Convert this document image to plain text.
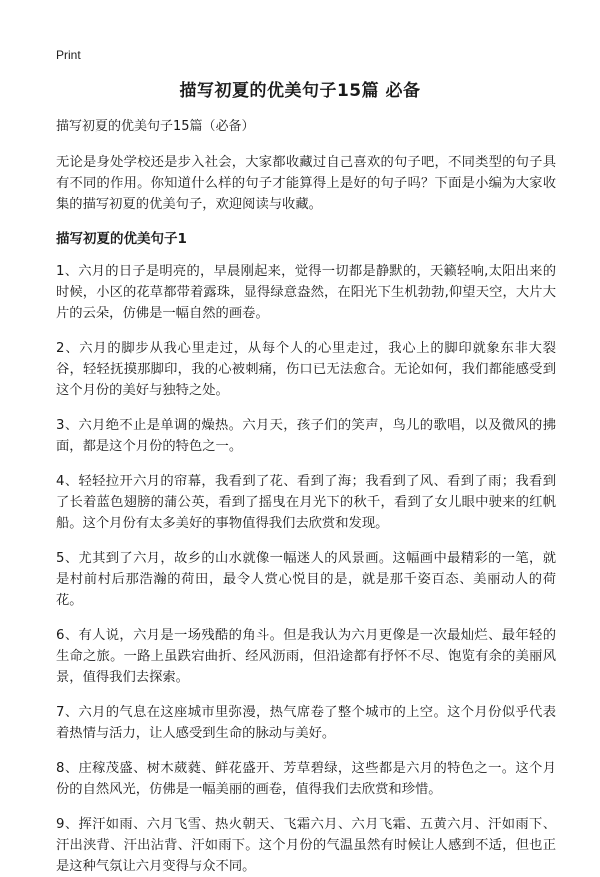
Print
描写初夏的优美句子15篇 必备
描写初夏的优美句子15篇（必备）
无论是身处学校还是步入社会，大家都收藏过自己喜欢的句子吧，不同类型的句子具有不同的作用。你知道什么样的句子才能算得上是好的句子吗？下面是小编为大家收集的描写初夏的优美句子，欢迎阅读与收藏。
描写初夏的优美句子1
1、六月的日子是明亮的，早晨刚起来，觉得一切都是静默的，天籁轻响,太阳出来的时候，小区的花草都带着露珠，显得绿意盎然，在阳光下生机勃勃,仰望天空，大片大片的云朵，仿佛是一幅自然的画卷。
2、六月的脚步从我心里走过，从每个人的心里走过，我心上的脚印就象东非大裂谷，轻轻抚摸那脚印，我的心被刺痛，伤口已无法愈合。无论如何，我们都能感受到这个月份的美好与独特之处。
3、六月绝不止是单调的燥热。六月天，孩子们的笑声，鸟儿的歌唱，以及微风的拂面，都是这个月份的特色之一。
4、轻轻拉开六月的帘幕，我看到了花、看到了海；我看到了风、看到了雨；我看到了长着蓝色翅膀的蒲公英，看到了摇曳在月光下的秋千，看到了女儿眼中驶来的红帆船。这个月份有太多美好的事物值得我们去欣赏和发现。
5、尤其到了六月，故乡的山水就像一幅迷人的风景画。这幅画中最精彩的一笔，就是村前村后那浩瀚的荷田，最令人赏心悦目的是，就是那千姿百态、美丽动人的荷花。
6、有人说，六月是一场残酷的角斗。但是我认为六月更像是一次最灿烂、最年轻的生命之旅。一路上虽跌宕曲折、经风沥雨，但沿途都有抒怀不尽、饱览有余的美丽风景，值得我们去探索。
7、六月的气息在这座城市里弥漫，热气席卷了整个城市的上空。这个月份似乎代表着热情与活力，让人感受到生命的脉动与美好。
8、庄稼茂盛、树木葳蕤、鲜花盛开、芳草碧绿，这些都是六月的特色之一。这个月份的自然风光，仿佛是一幅美丽的画卷，值得我们去欣赏和珍惜。
9、挥汗如雨、六月飞雪、热火朝天、飞霜六月、六月飞霜、五黄六月、汗如雨下、汗出浃背、汗出沾背、汗如雨下。这个月份的气温虽然有时候让人感到不适，但也正是这种气氛让六月变得与众不同。
